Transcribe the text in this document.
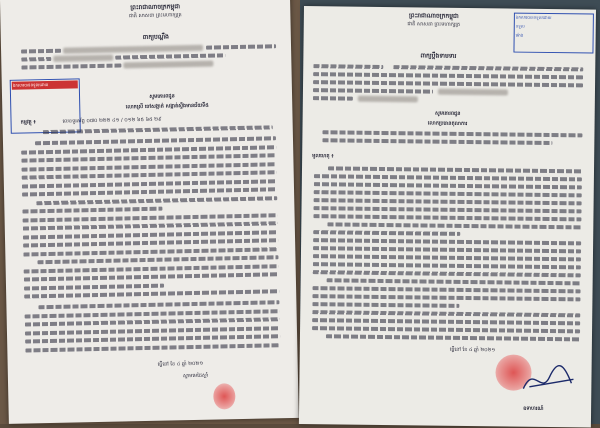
ព្រះរាជាណាចក្រកម្ពុជា
ជាតិ សាសនា ព្រះមហាក្សត្រ
ពាក្យបណ្ដឹង
ឯកសារបានទទួលដោយ
សូមគោរពជូន
លោកស្រី ចៅសង្កាត់ សង្កាត់ស្ទឹងមានជ័យទី៥
កម្មវត្ថុ ៖	លេខទូរស័ព្ទ ០៧០ ២២២ ៤១ / ០១២ ៦៥ ៦៥ ២៩
ធ្វើនៅ ខែ ៤ ឆ្នាំ ២០២១
ស្នាមមេដៃស្ដាំ
ព្រះរាជាណាចក្រកម្ពុជា
ជាតិ សាសនា ព្រះមហាក្សត្រ
ឯកសារបានទទួលដោយ
ទទួល
ម៉ោង
ពាក្យប្ដឹងទាមទារ
សូមគោរពជូន
លោកប្រធានតុលាការ
មូលហេតុ ៖
ធ្វើនៅ ខែ ៤ ឆ្នាំ ២០២១
ឧទាហរណ៍
